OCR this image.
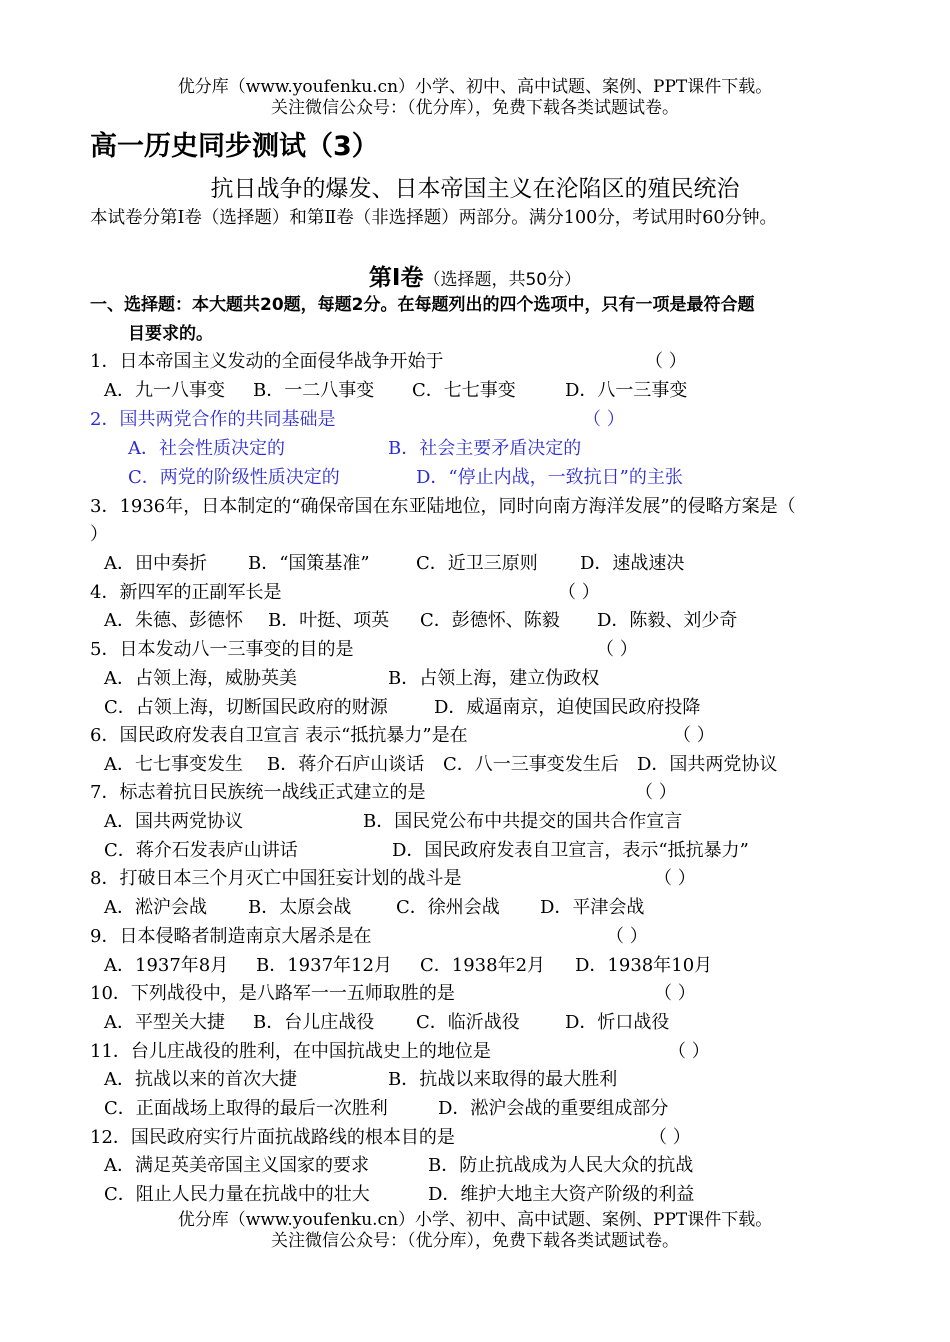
优分库（www.youfenku.cn）小学、初中、高中试题、案例、PPT课件下载。
关注微信公众号：（优分库），免费下载各类试题试卷。
高一历史同步测试（3）
抗日战争的爆发、日本帝国主义在沦陷区的殖民统治
本试卷分第Ⅰ卷（选择题）和第Ⅱ卷（非选择题）两部分。满分100分，考试用时60分钟。
第Ⅰ卷（选择题，共50分）
一、选择题：本大题共20题，每题2分。在每题列出的四个选项中，只有一项是最符合题
目要求的。
1．日本帝国主义发动的全面侵华战争开始于	（ ）
A．九一八事变 B．一二八事变 C．七七事变	D．八一三事变
2．国共两党合作的共同基础是	（ ）
A．社会性质决定的	B．社会主要矛盾决定的
C．两党的阶级性质决定的	D．“停止内战，一致抗日”的主张
3．1936年，日本制定的“确保帝国在东亚陆地位，同时向南方海洋发展”的侵略方案是（
）
A．田中奏折 B．“国策基准”	C．近卫三原则 D．速战速决
4．新四军的正副军长是	（ ）
A．朱德、彭德怀 B．叶挺、项英 C．彭德怀、陈毅 D．陈毅、刘少奇
5．日本发动八一三事变的目的是	（ ）
A．占领上海，威胁英美	B．占领上海，建立伪政权
C．占领上海，切断国民政府的财源	D．威逼南京，迫使国民政府投降
6．国民政府发表自卫宣言 表示“抵抗暴力”是在	（ ）
A．七七事变发生 B．蒋介石庐山谈话 C．八一三事变发生后 D．国共两党协议
7．标志着抗日民族统一战线正式建立的是	（ ）
A．国共两党协议	B．国民党公布中共提交的国共合作宣言
C．蒋介石发表庐山讲话	D．国民政府发表自卫宣言，表示“抵抗暴力”
8．打破日本三个月灭亡中国狂妄计划的战斗是	（ ）
A．淞沪会战 B．太原会战 C．徐州会战 D．平津会战
9．日本侵略者制造南京大屠杀是在	（ ）
A．1937年8月 B．1937年12月 C．1938年2月 D．1938年10月
10．下列战役中，是八路军一一五师取胜的是	（ ）
A．平型关大捷 B．台儿庄战役 C．临沂战役	D．忻口战役
11．台儿庄战役的胜利，在中国抗战史上的地位是	（ ）
A．抗战以来的首次大捷	B．抗战以来取得的最大胜利
C．正面战场上取得的最后一次胜利	D．淞沪会战的重要组成部分
12．国民政府实行片面抗战路线的根本目的是	（ ）
A．满足英美帝国主义国家的要求	B．防止抗战成为人民大众的抗战
C．阻止人民力量在抗战中的壮大	D．维护大地主大资产阶级的利益
优分库（www.youfenku.cn）小学、初中、高中试题、案例、PPT课件下载。
关注微信公众号：（优分库），免费下载各类试题试卷。
